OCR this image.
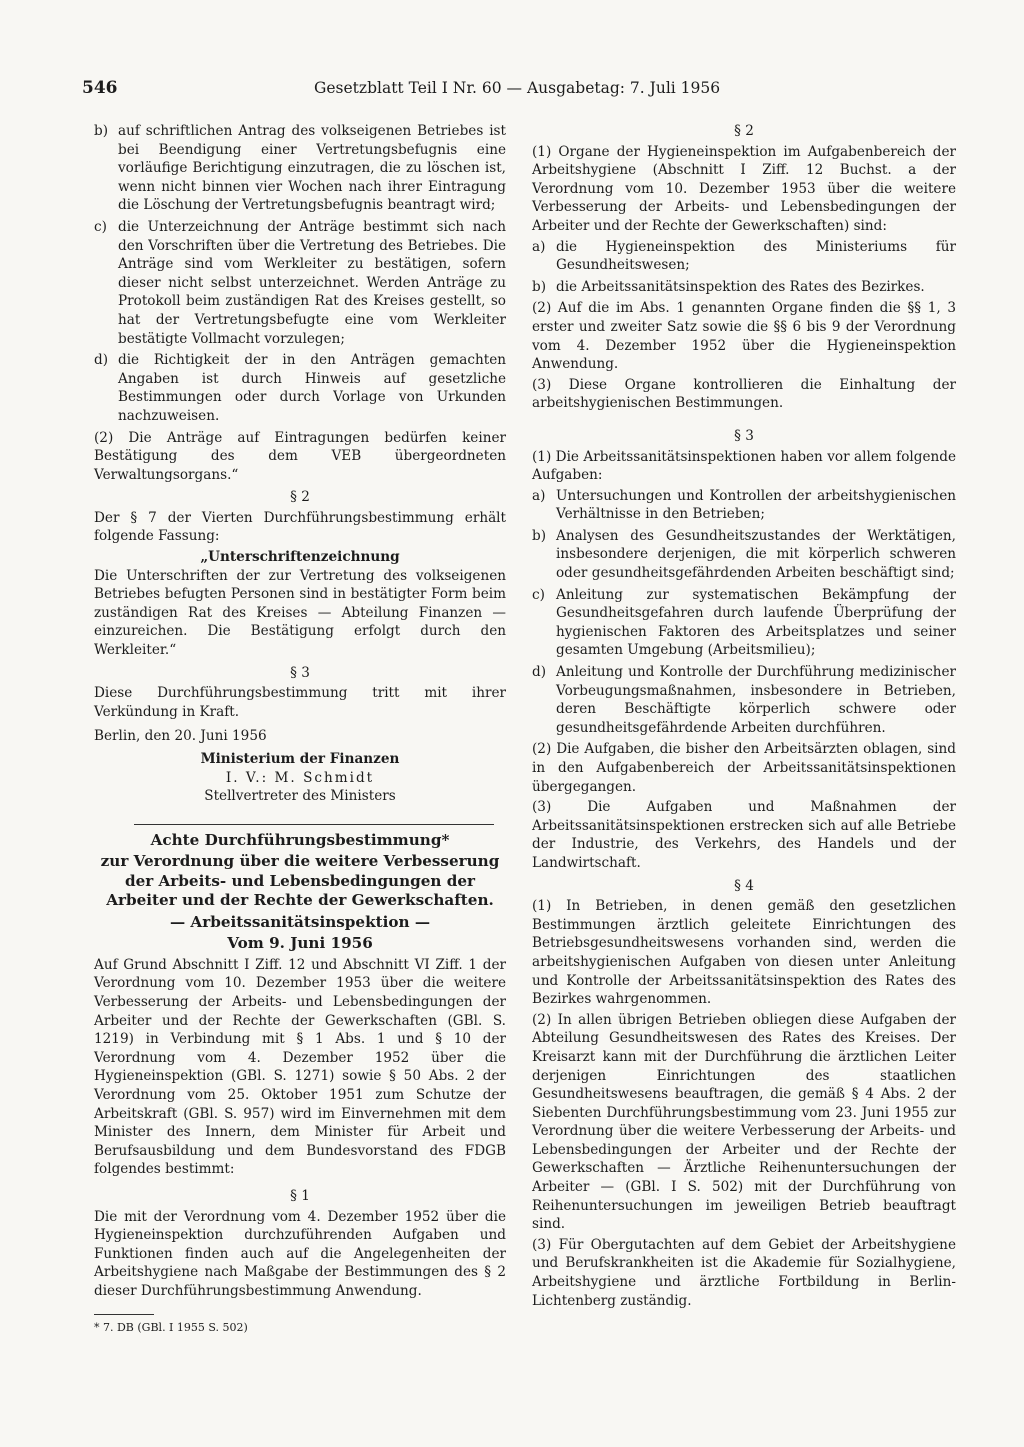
546	Gesetzblatt Teil I Nr. 60 — Ausgabetag: 7. Juli 1956
b) auf schriftlichen Antrag des volkseigenen Betriebes ist bei Beendigung einer Vertretungsbefugnis eine vorläufige Berichtigung einzutragen, die zu löschen ist, wenn nicht binnen vier Wochen nach ihrer Eintragung die Löschung der Vertretungsbefugnis beantragt wird;
c) die Unterzeichnung der Anträge bestimmt sich nach den Vorschriften über die Vertretung des Betriebes. Die Anträge sind vom Werkleiter zu bestätigen, sofern dieser nicht selbst unterzeichnet. Werden Anträge zu Protokoll beim zuständigen Rat des Kreises gestellt, so hat der Vertretungsbefugte eine vom Werkleiter bestätigte Vollmacht vorzulegen;
d) die Richtigkeit der in den Anträgen gemachten Angaben ist durch Hinweis auf gesetzliche Bestimmungen oder durch Vorlage von Urkunden nachzuweisen.

(2) Die Anträge auf Eintragungen bedürfen keiner Bestätigung des dem VEB übergeordneten Verwaltungsorgans.“

§ 2

Der § 7 der Vierten Durchführungsbestimmung erhält folgende Fassung:

„Unterschriftenzeichnung

Die Unterschriften der zur Vertretung des volkseigenen Betriebes befugten Personen sind in bestätigter Form beim zuständigen Rat des Kreises — Abteilung Finanzen — einzureichen. Die Bestätigung erfolgt durch den Werkleiter.“

§ 3

Diese Durchführungsbestimmung tritt mit ihrer Verkündung in Kraft.

Berlin, den 20. Juni 1956

Ministerium der Finanzen

I. V.: M. Schmidt

Stellvertreter des Ministers

Achte Durchführungsbestimmung*

zur Verordnung über die weitere Verbesserung der Arbeits- und Lebensbedingungen der Arbeiter und der Rechte der Gewerkschaften.

— Arbeitssanitätsinspektion —

Vom 9. Juni 1956

Auf Grund Abschnitt I Ziff. 12 und Abschnitt VI Ziff. 1 der Verordnung vom 10. Dezember 1953 über die weitere Verbesserung der Arbeits- und Lebensbedingungen der Arbeiter und der Rechte der Gewerkschaften (GBl. S. 1219) in Verbindung mit § 1 Abs. 1 und § 10 der Verordnung vom 4. Dezember 1952 über die Hygieneinspektion (GBl. S. 1271) sowie § 50 Abs. 2 der Verordnung vom 25. Oktober 1951 zum Schutze der Arbeitskraft (GBl. S. 957) wird im Einvernehmen mit dem Minister des Innern, dem Minister für Arbeit und Berufsausbildung und dem Bundesvorstand des FDGB folgendes bestimmt:

§ 1

Die mit der Verordnung vom 4. Dezember 1952 über die Hygieneinspektion durchzuführenden Aufgaben und Funktionen finden auch auf die Angelegenheiten der Arbeitshygiene nach Maßgabe der Bestimmungen des § 2 dieser Durchführungsbestimmung Anwendung.

* 7. DB (GBl. I 1955 S. 502)

§ 2

(1) Organe der Hygieneinspektion im Aufgabenbereich der Arbeitshygiene (Abschnitt I Ziff. 12 Buchst. a der Verordnung vom 10. Dezember 1953 über die weitere Verbesserung der Arbeits- und Lebensbedingungen der Arbeiter und der Rechte der Gewerkschaften) sind:

a) die Hygieneinspektion des Ministeriums für Gesundheitswesen;
b) die Arbeitssanitätsinspektion des Rates des Bezirkes.

(2) Auf die im Abs. 1 genannten Organe finden die §§ 1, 3 erster und zweiter Satz sowie die §§ 6 bis 9 der Verordnung vom 4. Dezember 1952 über die Hygieneinspektion Anwendung.

(3) Diese Organe kontrollieren die Einhaltung der arbeitshygienischen Bestimmungen.

§ 3

(1) Die Arbeitssanitätsinspektionen haben vor allem folgende Aufgaben:

a) Untersuchungen und Kontrollen der arbeitshygienischen Verhältnisse in den Betrieben;
b) Analysen des Gesundheitszustandes der Werktätigen, insbesondere derjenigen, die mit körperlich schweren oder gesundheitsgefährdenden Arbeiten beschäftigt sind;
c) Anleitung zur systematischen Bekämpfung der Gesundheitsgefahren durch laufende Überprüfung der hygienischen Faktoren des Arbeitsplatzes und seiner gesamten Umgebung (Arbeitsmilieu);
d) Anleitung und Kontrolle der Durchführung medizinischer Vorbeugungsmaßnahmen, insbesondere in Betrieben, deren Beschäftigte körperlich schwere oder gesundheitsgefährdende Arbeiten durchführen.

(2) Die Aufgaben, die bisher den Arbeitsärzten oblagen, sind in den Aufgabenbereich der Arbeitssanitätsinspektionen übergegangen.

(3) Die Aufgaben und Maßnahmen der Arbeitssanitätsinspektionen erstrecken sich auf alle Betriebe der Industrie, des Verkehrs, des Handels und der Landwirtschaft.

§ 4

(1) In Betrieben, in denen gemäß den gesetzlichen Bestimmungen ärztlich geleitete Einrichtungen des Betriebsgesundheitswesens vorhanden sind, werden die arbeitshygienischen Aufgaben von diesen unter Anleitung und Kontrolle der Arbeitssanitätsinspektion des Rates des Bezirkes wahrgenommen.

(2) In allen übrigen Betrieben obliegen diese Aufgaben der Abteilung Gesundheitswesen des Rates des Kreises. Der Kreisarzt kann mit der Durchführung die ärztlichen Leiter derjenigen Einrichtungen des staatlichen Gesundheitswesens beauftragen, die gemäß § 4 Abs. 2 der Siebenten Durchführungsbestimmung vom 23. Juni 1955 zur Verordnung über die weitere Verbesserung der Arbeits- und Lebensbedingungen der Arbeiter und der Rechte der Gewerkschaften — Ärztliche Reihenuntersuchungen der Arbeiter — (GBl. I S. 502) mit der Durchführung von Reihenuntersuchungen im jeweiligen Betrieb beauftragt sind.

(3) Für Obergutachten auf dem Gebiet der Arbeitshygiene und Berufskrankheiten ist die Akademie für Sozialhygiene, Arbeitshygiene und ärztliche Fortbildung in Berlin-Lichtenberg zuständig.
